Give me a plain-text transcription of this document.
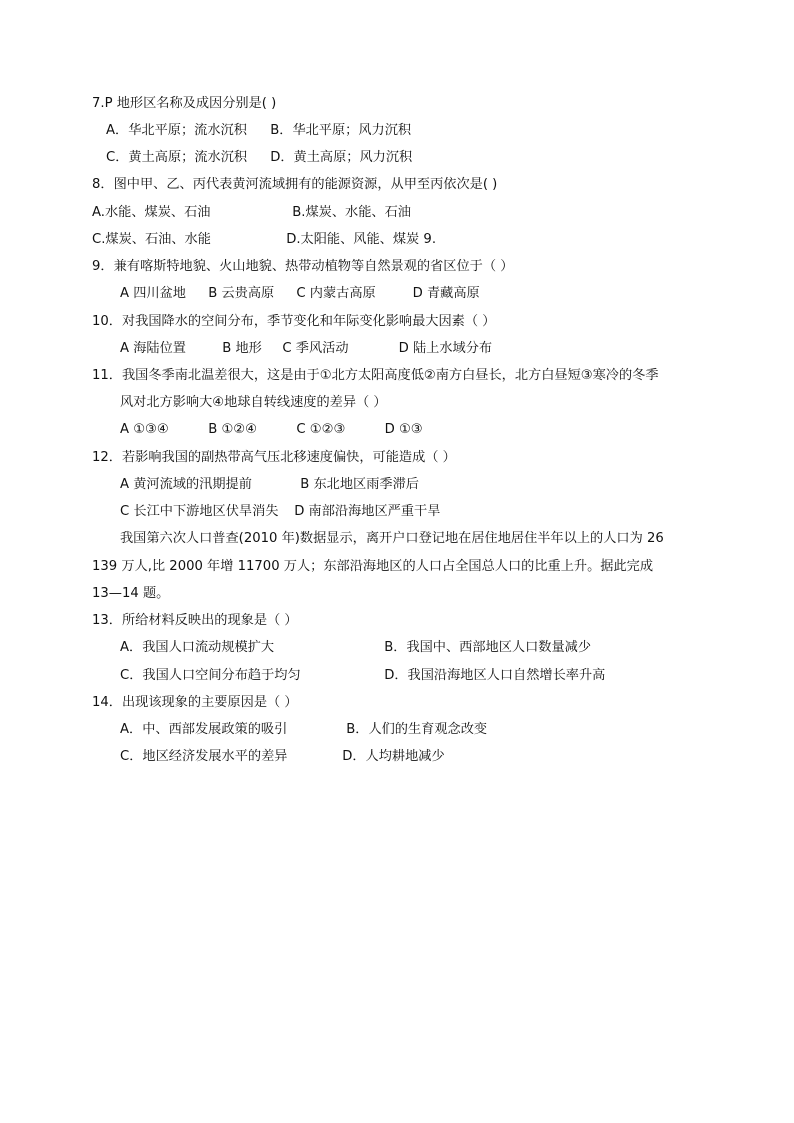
7.P 地形区名称及成因分别是( )
A．华北平原；流水沉积 B．华北平原；风力沉积
C．黄土高原；流水沉积 D．黄土高原；风力沉积
8．图中甲、乙、丙代表黄河流域拥有的能源资源，从甲至丙依次是( )
A.水能、煤炭、石油	B.煤炭、水能、石油
C.煤炭、石油、水能	D.太阳能、风能、煤炭 9.
9．兼有喀斯特地貌、火山地貌、热带动植物等自然景观的省区位于（ ）
A 四川盆地 B 云贵高原 C 内蒙古高原	D 青藏高原
10．对我国降水的空间分布，季节变化和年际变化影响最大因素（ ）
A 海陆位置	B 地形 C 季风活动	D 陆上水域分布
11．我国冬季南北温差很大，这是由于①北方太阳高度低②南方白昼长，北方白昼短③寒冷的冬季
风对北方影响大④地球自转线速度的差异（ ）
A ①③④	B ①②④	C ①②③	D ①③
12．若影响我国的副热带高气压北移速度偏快，可能造成（ ）
A 黄河流域的汛期提前	B 东北地区雨季滞后
C 长江中下游地区伏旱消失 D 南部沿海地区严重干旱
我国第六次人口普查(2010 年)数据显示，离开户口登记地在居住地居住半年以上的人口为 26
139 万人,比 2000 年增 11700 万人；东部沿海地区的人口占全国总人口的比重上升。据此完成
13—14 题。
13．所给材料反映出的现象是（ ）
A．我国人口流动规模扩大	B．我国中、西部地区人口数量减少
C．我国人口空间分布趋于均匀	D．我国沿海地区人口自然增长率升高
14．出现该现象的主要原因是（ ）
A．中、西部发展政策的吸引	B．人们的生育观念改变
C．地区经济发展水平的差异	D．人均耕地减少
